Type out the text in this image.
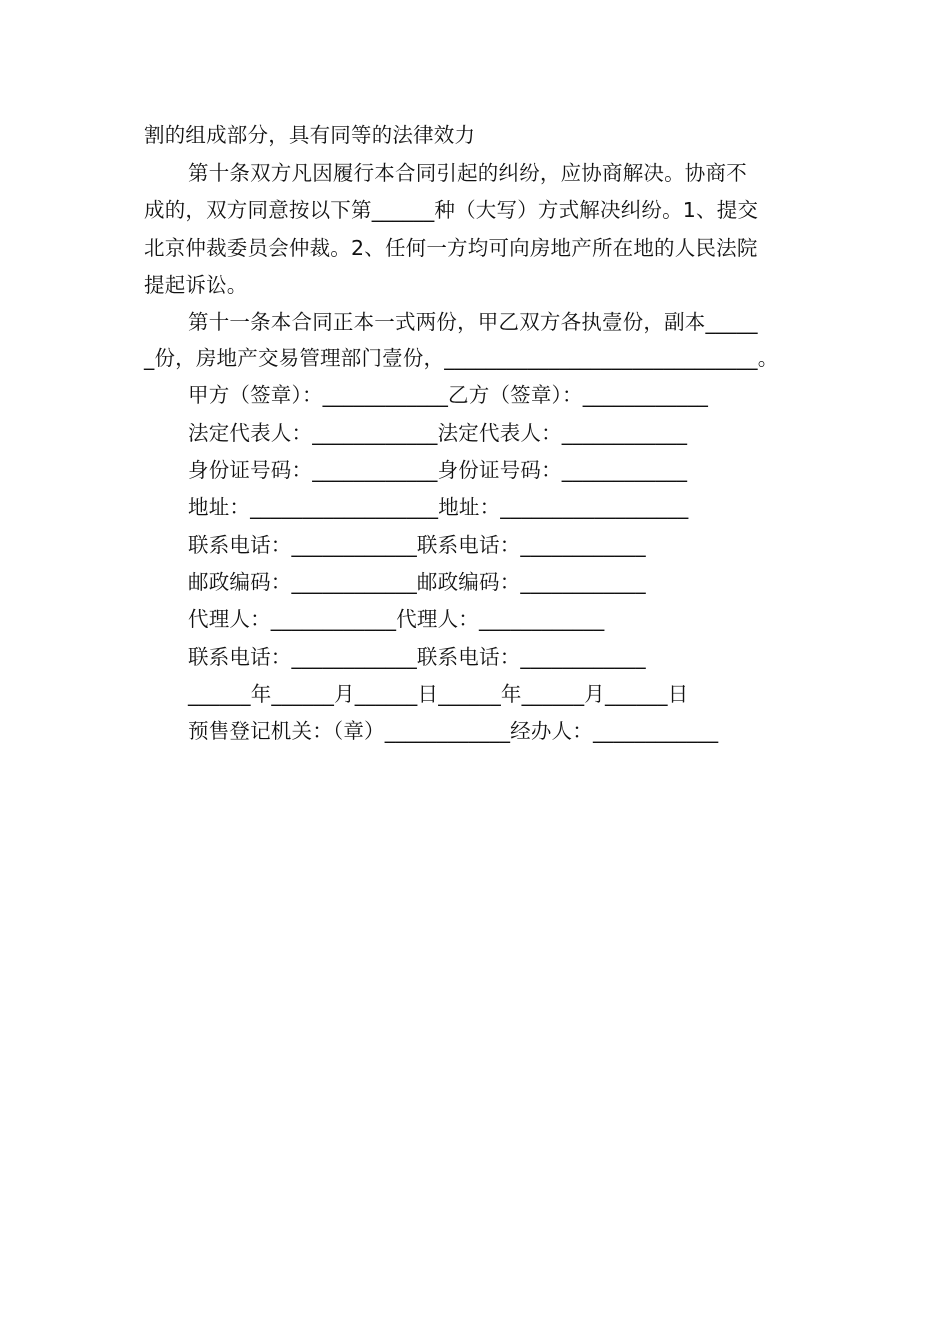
割的组成部分，具有同等的法律效力
第十条双方凡因履行本合同引起的纠纷，应协商解决。协商不
成的，双方同意按以下第______种（大写）方式解决纠纷。1、提交
北京仲裁委员会仲裁。2、任何一方均可向房地产所在地的人民法院
提起诉讼。
第十一条本合同正本一式两份，甲乙双方各执壹份，副本_____
_份，房地产交易管理部门壹份，______________________________。
甲方（签章）：____________乙方（签章）：____________
法定代表人：____________法定代表人：____________
身份证号码：____________身份证号码：____________
地址：__________________地址：__________________
联系电话：____________联系电话：____________
邮政编码：____________邮政编码：____________
代理人：____________代理人：____________
联系电话：____________联系电话：____________
______年______月______日______年______月______日
预售登记机关：（章）____________经办人：____________
